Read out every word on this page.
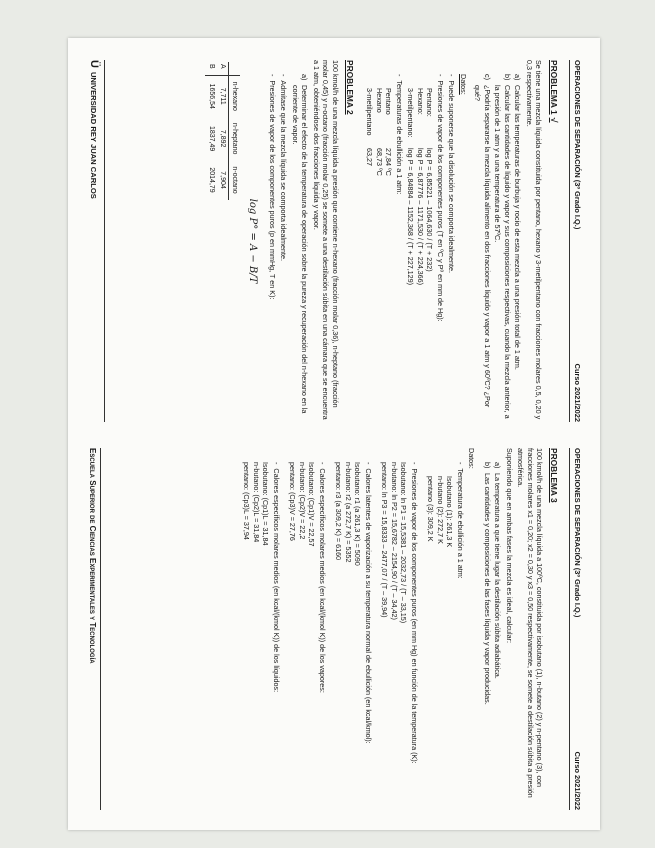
OPERACIONES DE SEPARACIÓN (3º Grado I.Q.)
Curso 2021/2022
PROBLEMA 1√

Se tiene una mezcla líquida constituida por pentano, hexano y 3-metilpentano con fracciones molares 0,5, 0,20 y 0,3 respectivamente.

a)
Calcular las temperaturas de burbuja y rocío de esta mezcla a una presión total de 1 atm.
b)
Calcular las cantidades de líquido y vapor y sus composiciones respectivas, cuando la mezcla anterior, a la presión de 1 atm y a una temperatura de 57ºC.
c)
¿Podría separarse la mezcla líquida alimento en dos fracciones líquido y vapor a 1 atm y 60ºC? ¿Por qué?
Datos:
-
Puede suponerse que la disolución se comporta idealmente.
-
Presiones de vapor de los componentes puros (T en ºC y Pº en mm de Hg):
Pentano:
log P = 6,85221 – 1064,630 / (T + 232)
Hexano:
log P = 6,87776 – 1171,530 / (T + 224,366)
3-metilpentano:
log P = 6,84884 – 1152,368 / (T + 227,129)
-
Temperaturas de ebullición a 1 atm:
Pentano
27,84 ºC
Hexano
68,73 ºC
3-metilpentano
63,27
PROBLEMA 2

100 kmol/h de una mezcla líquida a presión que contiene n-hexano (fracción molar 0,36), n-heptano (fracción molar 0,45) y n-octano (fracción molar 0,25) se somete a una destilación súbita en una cámara que se encuentra a 1 atm, obteniéndose dos fracciones líquida y vapor.

a)
Determinar el efecto de la temperatura de operación sobre la pureza y recuperación del n-hexano en la corriente de vapor.
-
Admítase que la mezcla líquida se comporta idealmente.
-
Presiones de vapor de los componentes puros (p en mmHg, T en K):
log P° = A − B/T
	n-hexano	n-heptano	n-octano
A	7,711	7,892	7,904
B	1656,54	1837,49	2014,79
ÜUNIVERSIDAD REY JUAN CARLOS
OPERACIONES DE SEPARACIÓN (3º Grado I.Q.)
Curso 2021/2022
PROBLEMA 3

100 kmol/h de una mezcla líquida a 100ºC, constituida por isobutano (1), n-butano (2) y n-pentano (3), con fracciones molares x1 = 0,20; x2 = 0,30 y x3 = 0,50 respectivamente, se somete a destilación súbita a presión atmosférica.

Suponiendo que en ambas fases la mezcla es ideal, calcular:

a)
La temperatura a que tiene lugar la destilación súbita adiabática.
b)
Las cantidades y composiciones de las fases líquida y vapor producidas.

Datos:

-
Temperatura de ebullición a 1 atm:
Isobutano (1): 261,3 K
n-butano (2): 272,7 K
pentano (3): 309,2 K
-
Presiones de vapor de los componentes puros (en mm Hg) en función de la temperatura (K):
Isobutano: ln P1 = 15,5381 – 2032,73 / (T – 33,15)
n-butano: ln P2 = 15,6782 – 2154,90 / (T – 34,42)
pentano: ln P3 = 15,8333 – 2477,07 / (T – 39,94)
-
Calores latentes de vaporización a su temperatura normal de ebullición (en kcal/kmol):
Isobutano: r1 (a 261,3 K) = 5090
n-butano: r2 (a 272,7 K) = 5352
pentano: r3 (a 309,2 K) = 6160
-
Calores específicos molares medios (en kcal/(kmol K)) de los vapores:
Isobutano: (Cp1)V = 22,57
n-butano: (Cp2)V = 22,2
pentano: (Cp3)V = 27,76
-
Calores específicos molares medios (en kcal/(kmol K)) de los líquidos:
Isobutano: (Cp1)L = 31,84
n-butano: (Cp2)L = 31,84
pentano: (Cp3)L = 37,94
Escuela Superior de Ciencias Experimentales y Tecnología
